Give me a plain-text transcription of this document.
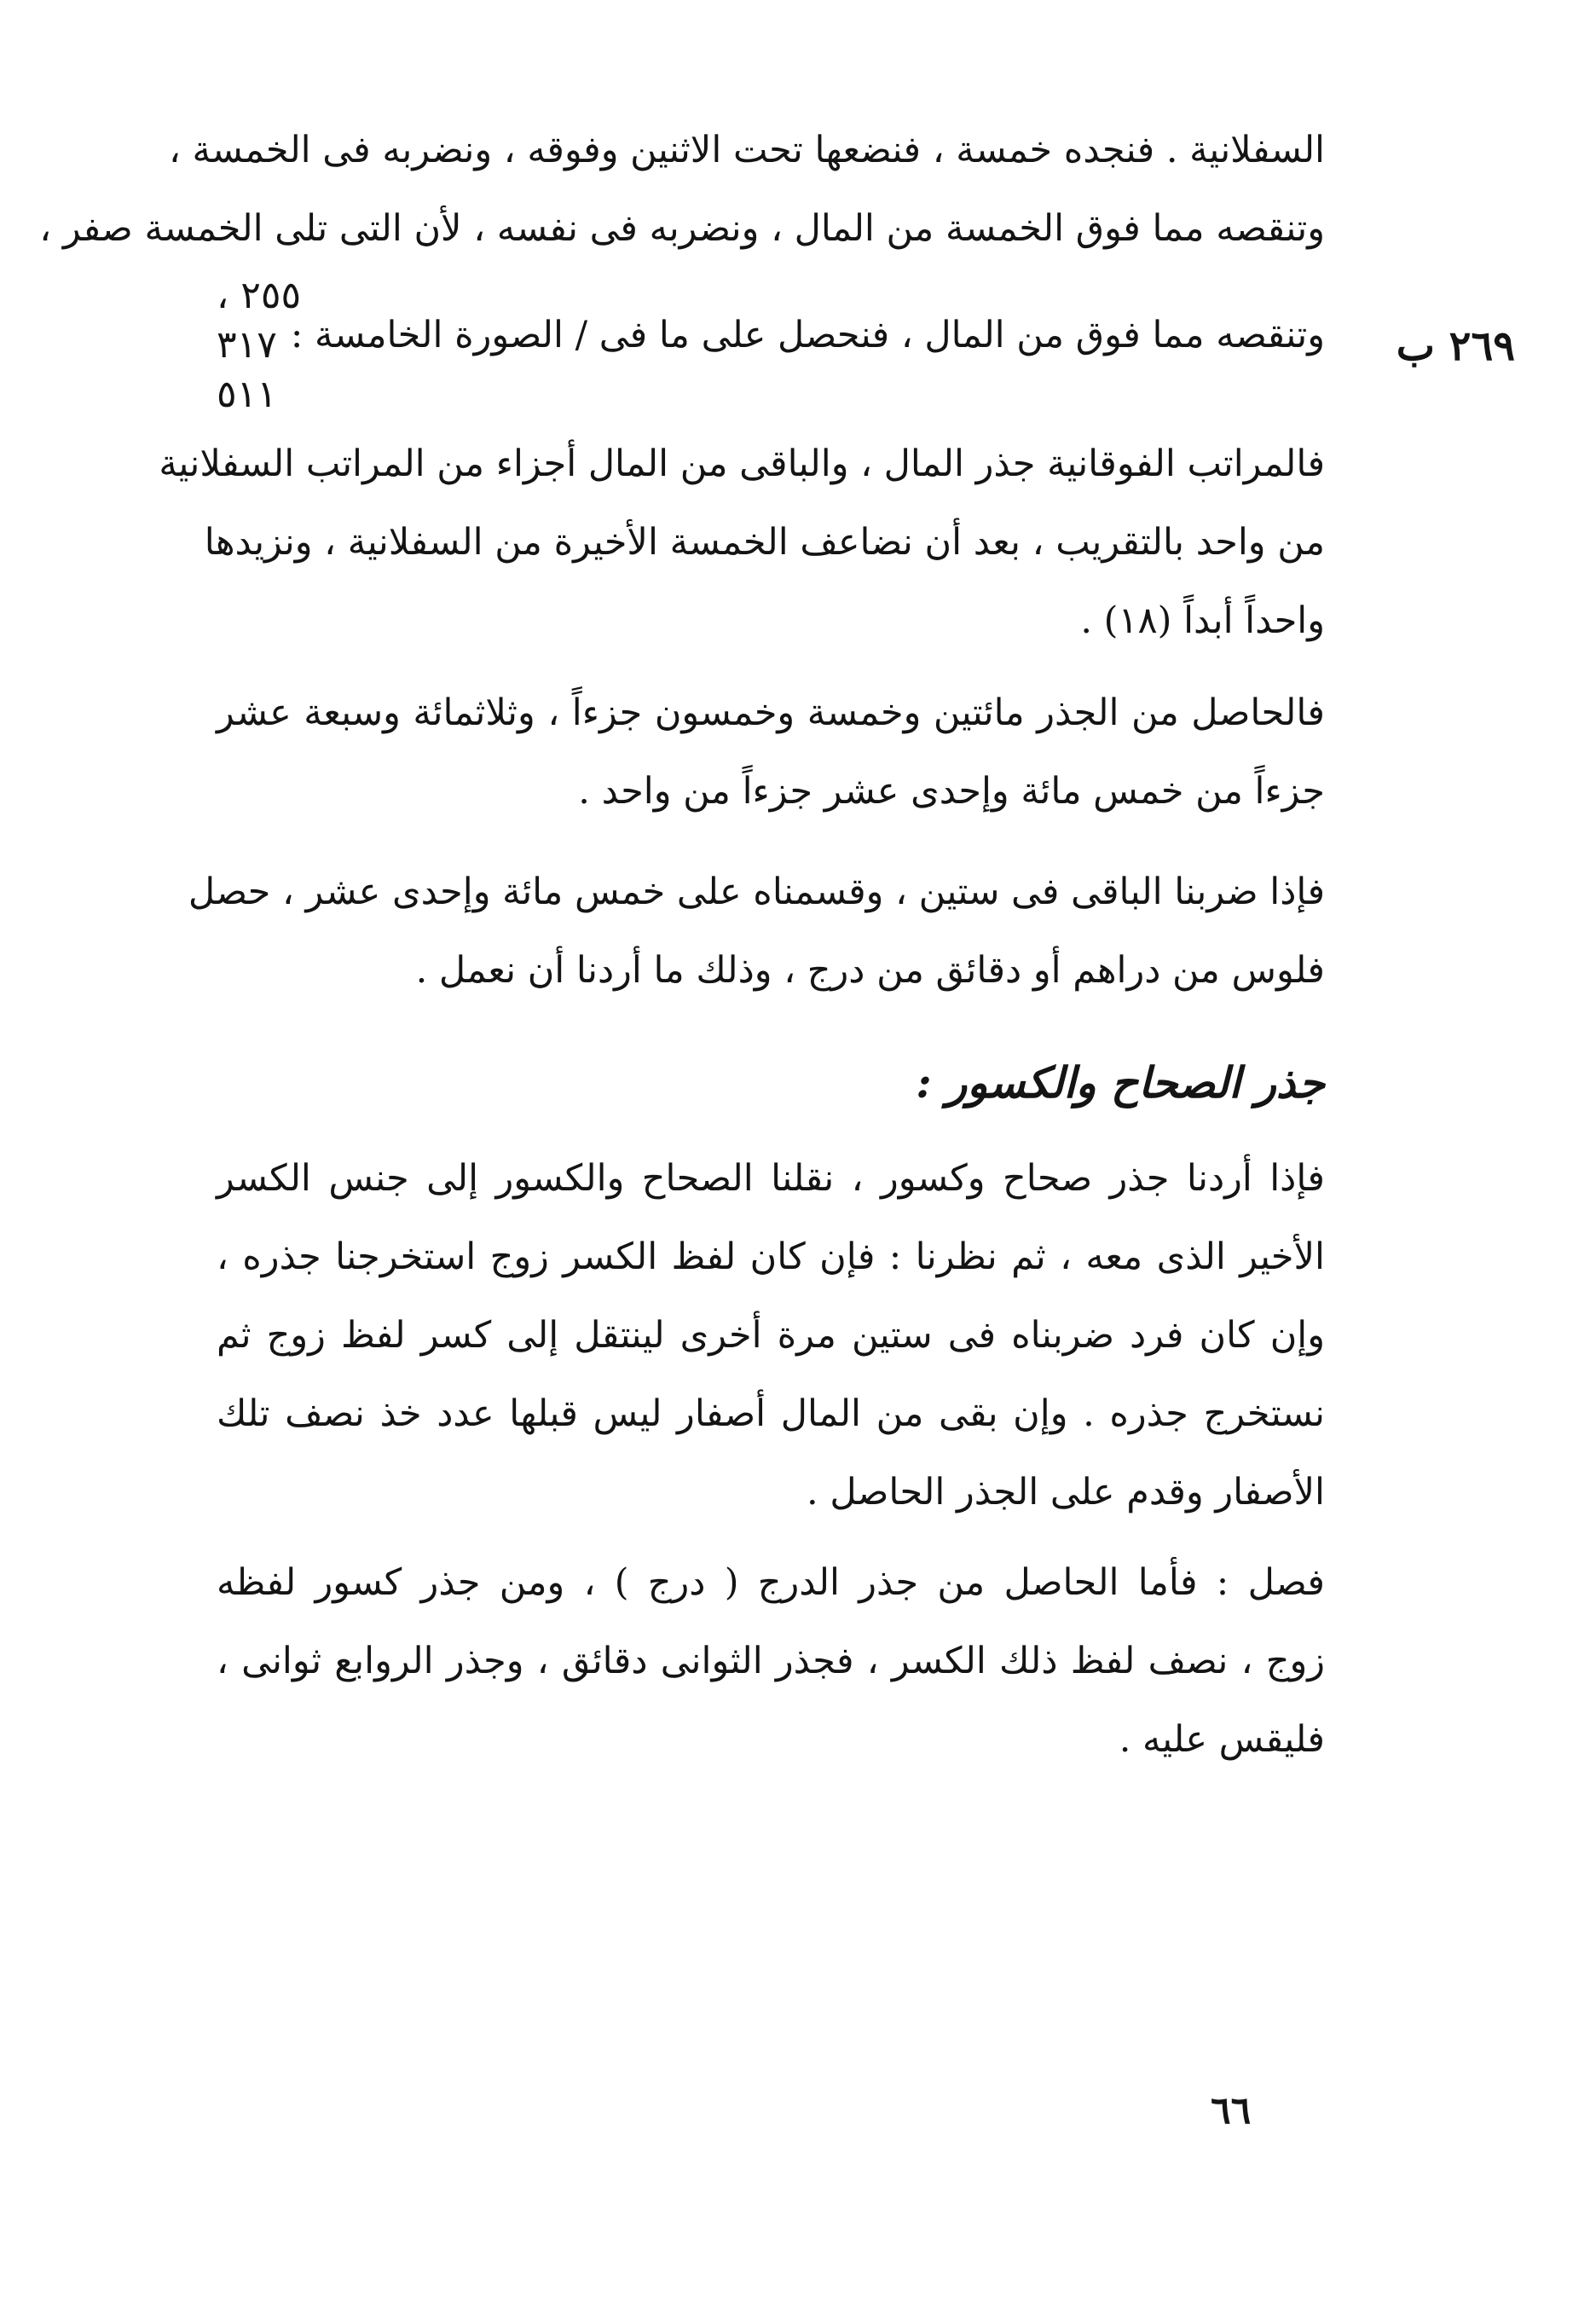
السفلانية . فنجده خمسة ، فنضعها تحت الاثنين وفوقه ، ونضربه فى الخمسة ،
وتنقصه مما فوق الخمسة من المال ، ونضربه فى نفسه ، لأن التى تلى الخمسة صفر ،
وتنقصه مما فوق من المال ، فنحصل على ما فى / الصورة الخامسة :
٢٥٥ ،
٣١٧
٥١١
٢٦٩ ب
فالمراتب الفوقانية جذر المال ، والباقى من المال أجزاء من المراتب السفلانية
من واحد بالتقريب ، بعد أن نضاعف الخمسة الأخيرة من السفلانية ، ونزيدها
واحداً أبداً (١٨) .
فالحاصل من الجذر مائتين وخمسة وخمسون جزءاً ، وثلاثمائة وسبعة عشر
جزءاً من خمس مائة وإحدى عشر جزءاً من واحد .
فإذا ضربنا الباقى فى ستين ، وقسمناه على خمس مائة وإحدى عشر ، حصل
فلوس من دراهم أو دقائق من درج ، وذلك ما أردنا أن نعمل .
جذر الصحاح والكسور :
فإذا أردنا جذر صحاح وكسور ، نقلنا الصحاح والكسور إلى جنس الكسر
الأخير الذى معه ، ثم نظرنا : فإن كان لفظ الكسر زوج استخرجنا جذره ،
وإن كان فرد ضربناه فى ستين مرة أخرى لينتقل إلى كسر لفظ زوج ثم
نستخرج جذره . وإن بقى من المال أصفار ليس قبلها عدد خذ نصف تلك
الأصفار وقدم على الجذر الحاصل .
فصل : فأما الحاصل من جذر الدرج ( درج ) ، ومن جذر كسور لفظه
زوج ، نصف لفظ ذلك الكسر ، فجذر الثوانى دقائق ، وجذر الروابع ثوانى ،
فليقس عليه .
٦٦
